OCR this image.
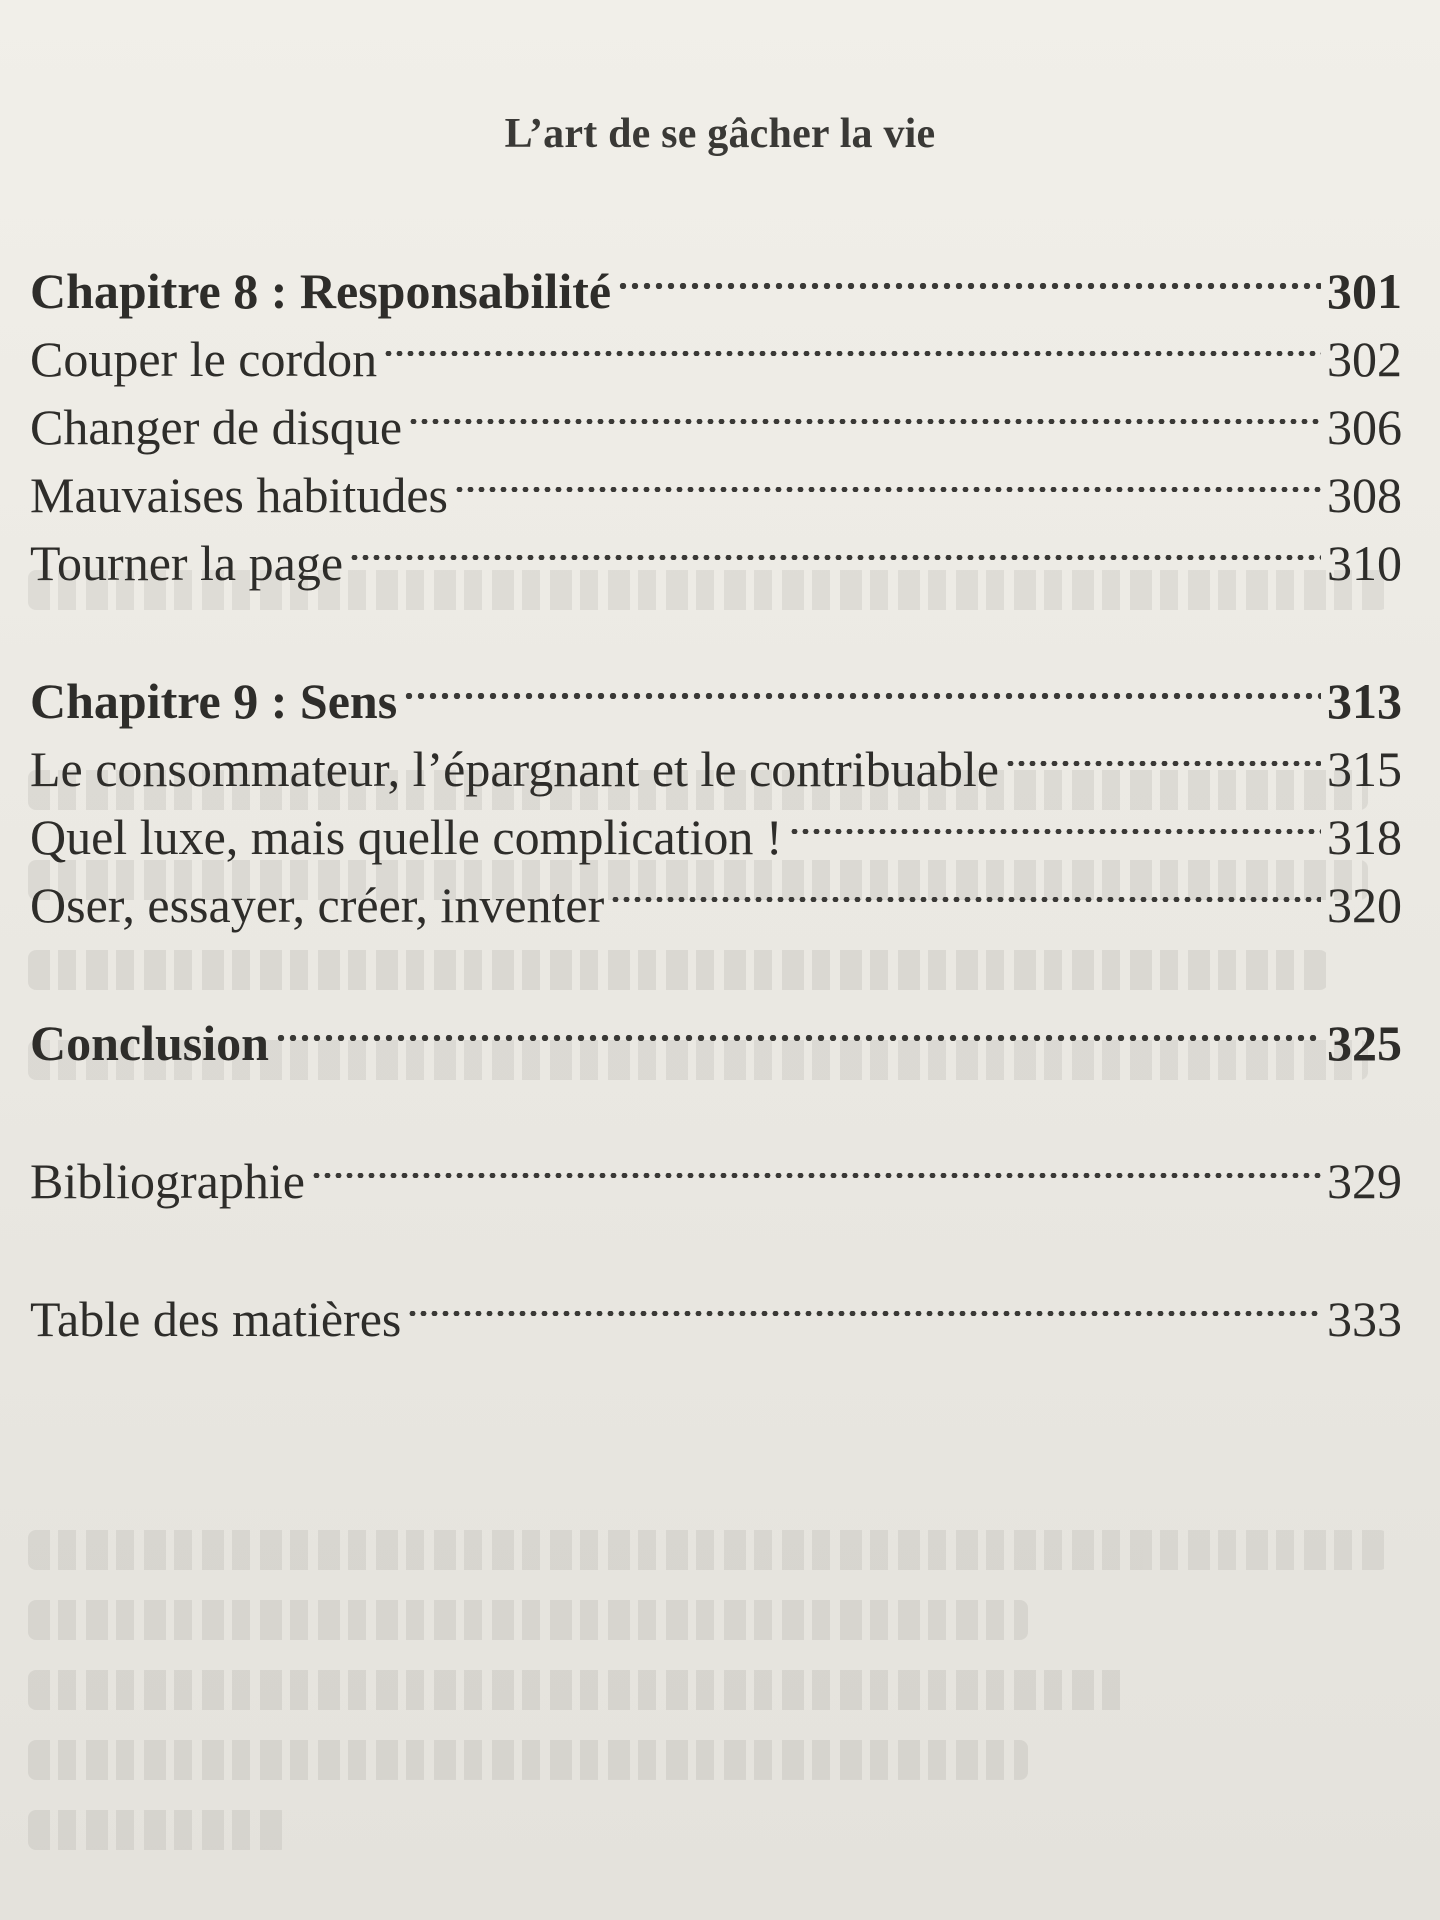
L’art de se gâcher la vie
Chapitre 8 : Responsabilité	301
Couper le cordon	302
Changer de disque	306
Mauvaises habitudes	308
Tourner la page	310
Chapitre 9 : Sens	313
Le consommateur, l’épargnant et le contribuable	315
Quel luxe, mais quelle complication !	318
Oser, essayer, créer, inventer	320
Conclusion	325
Bibliographie	329
Table des matières	333
